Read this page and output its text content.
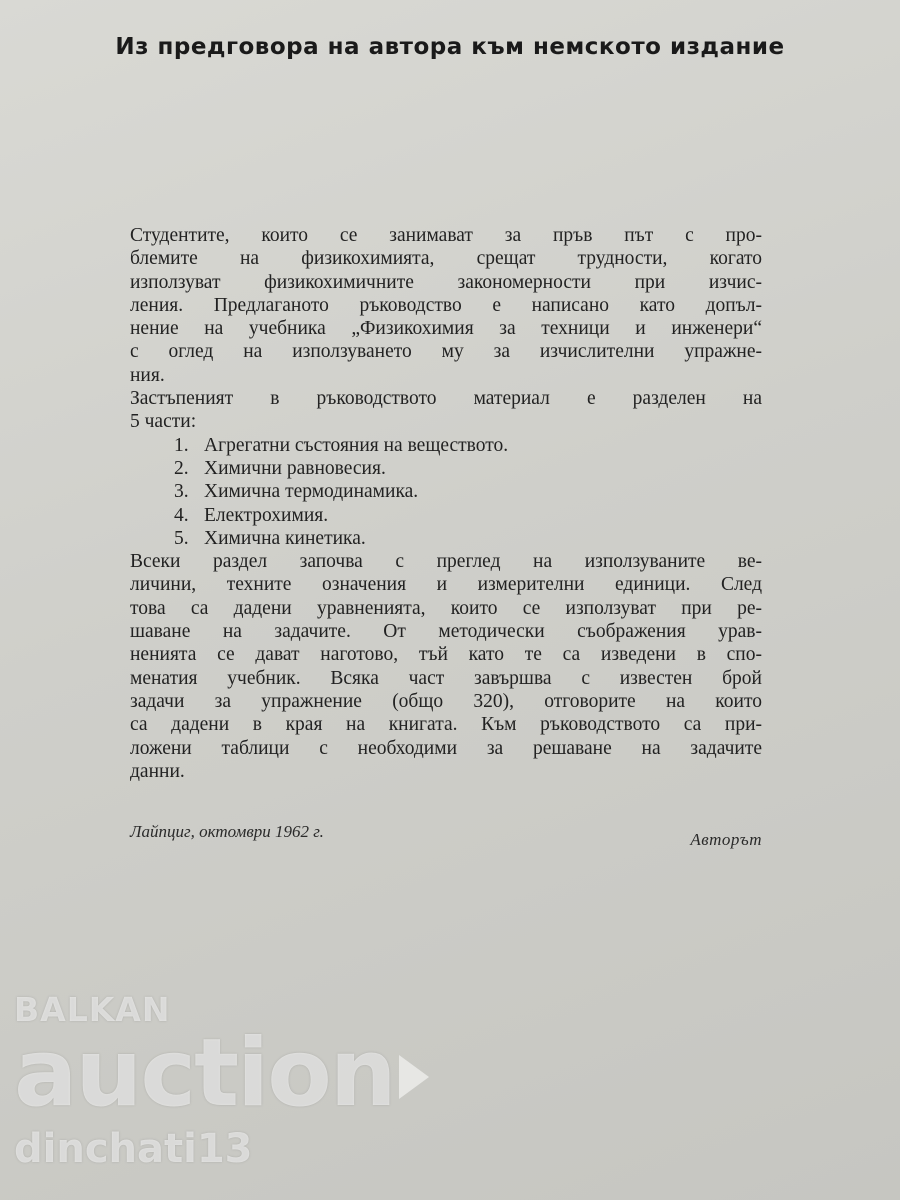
Из предговора на автора към немското издание
Студентите, които се занимават за пръв път с про-
блемите на физикохимията, срещат трудности, когато
използуват физикохимичните закономерности при изчис-
ления. Предлаганото ръководство е написано като допъл-
нение на учебника „Физикохимия за техници и инженери“
с оглед на използуването му за изчислителни упражне-
ния.
Застъпеният в ръководството материал е разделен на
5 части:
1. Агрегатни състояния на веществото.
2. Химични равновесия.
3. Химична термодинамика.
4. Електрохимия.
5. Химична кинетика.
Всеки раздел започва с преглед на използуваните ве-
личини, техните означения и измерителни единици. След
това са дадени уравненията, които се използуват при ре-
шаване на задачите. От методически съображения урав-
ненията се дават наготово, тъй като те са изведени в спо-
менатия учебник. Всяка част завършва с известен брой
задачи за упражнение (общо 320), отговорите на които
са дадени в края на книгата. Към ръководството са при-
ложени таблици с необходими за решаване на задачите
данни.
Лайпциг, октомври 1962 г.	Авторът
BALKAN
auction
dinchati13
